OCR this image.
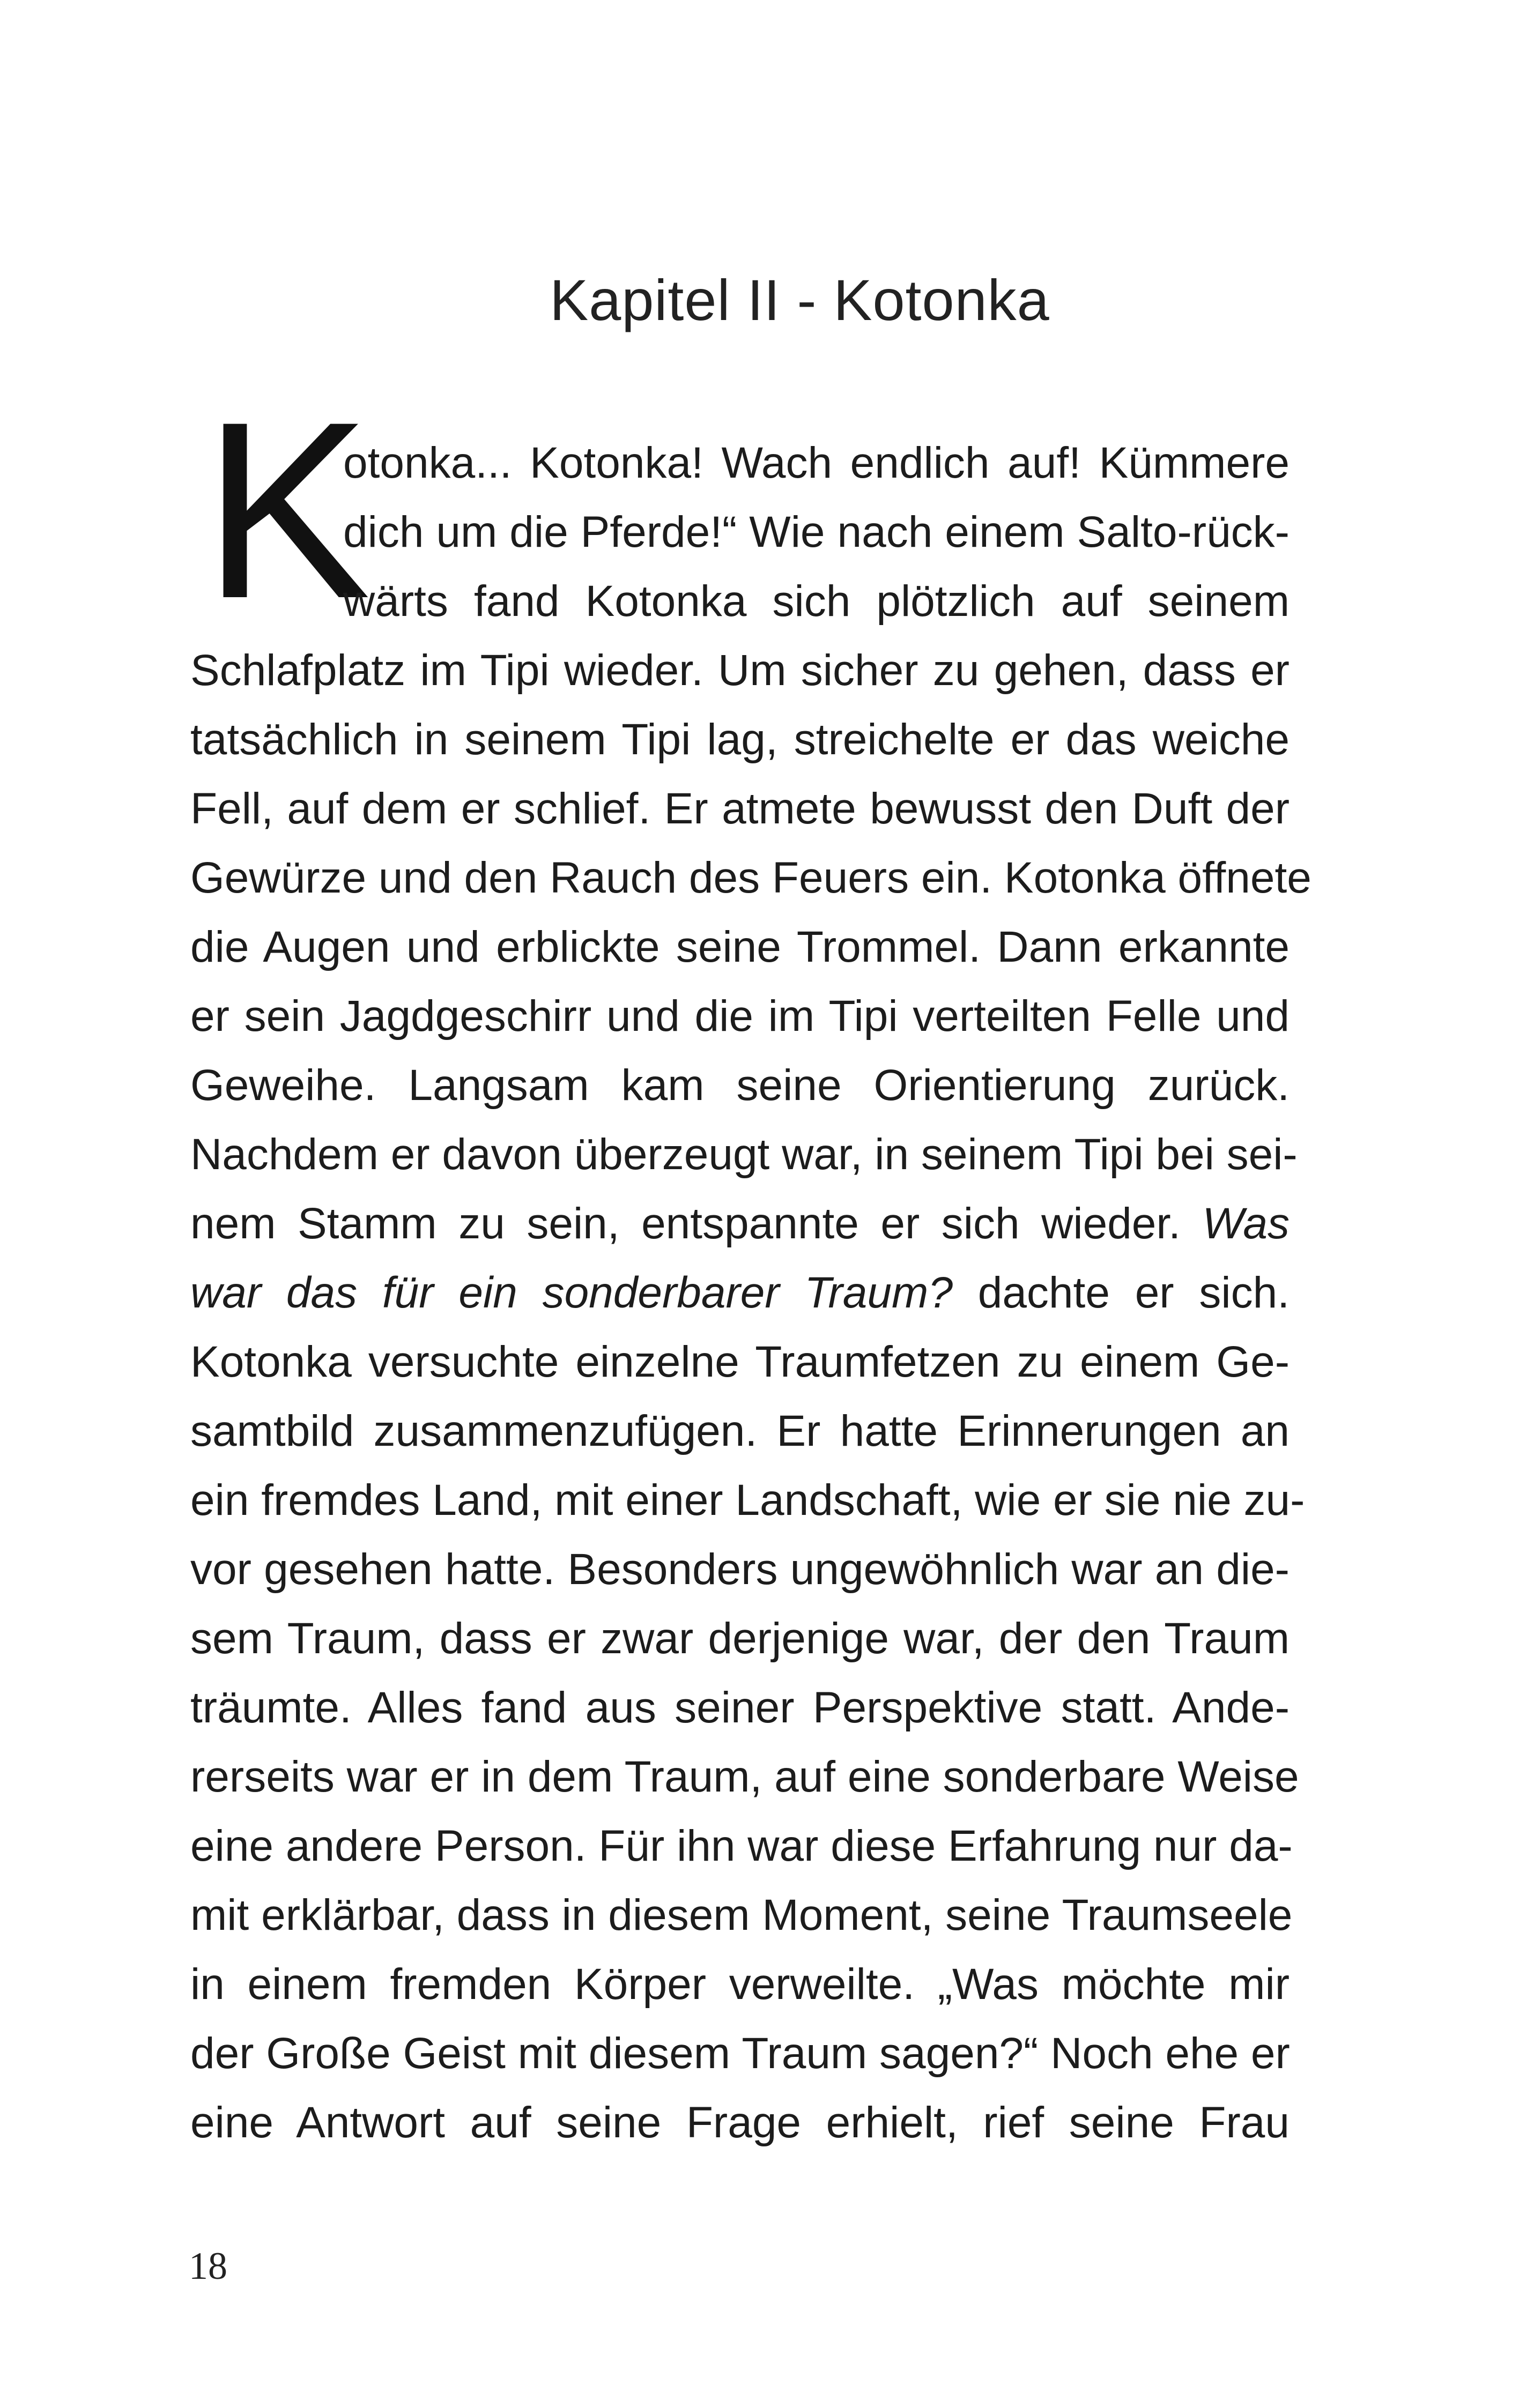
Kapitel II - Kotonka
K
otonka... Kotonka! Wach endlich auf! Kümmere
dich um die Pferde!“ Wie nach einem Salto-rück-
wärts fand Kotonka sich plötzlich auf seinem
Schlafplatz im Tipi wieder. Um sicher zu gehen, dass er
tatsächlich in seinem Tipi lag, streichelte er das weiche
Fell, auf dem er schlief. Er atmete bewusst den Duft der
Gewürze und den Rauch des Feuers ein. Kotonka öffnete
die Augen und erblickte seine Trommel. Dann erkannte
er sein Jagdgeschirr und die im Tipi verteilten Felle und
Geweihe. Langsam kam seine Orientierung zurück.
Nachdem er davon überzeugt war, in seinem Tipi bei sei-
nem Stamm zu sein, entspannte er sich wieder. Was
war das für ein sonderbarer Traum? dachte er sich.
Kotonka versuchte einzelne Traumfetzen zu einem Ge-
samtbild zusammenzufügen. Er hatte Erinnerungen an
ein fremdes Land, mit einer Landschaft, wie er sie nie zu-
vor gesehen hatte. Besonders ungewöhnlich war an die-
sem Traum, dass er zwar derjenige war, der den Traum
träumte. Alles fand aus seiner Perspektive statt. Ande-
rerseits war er in dem Traum, auf eine sonderbare Weise
eine andere Person. Für ihn war diese Erfahrung nur da-
mit erklärbar, dass in diesem Moment, seine Traumseele
in einem fremden Körper verweilte. „Was möchte mir
der Große Geist mit diesem Traum sagen?“ Noch ehe er
eine Antwort auf seine Frage erhielt, rief seine Frau
18
